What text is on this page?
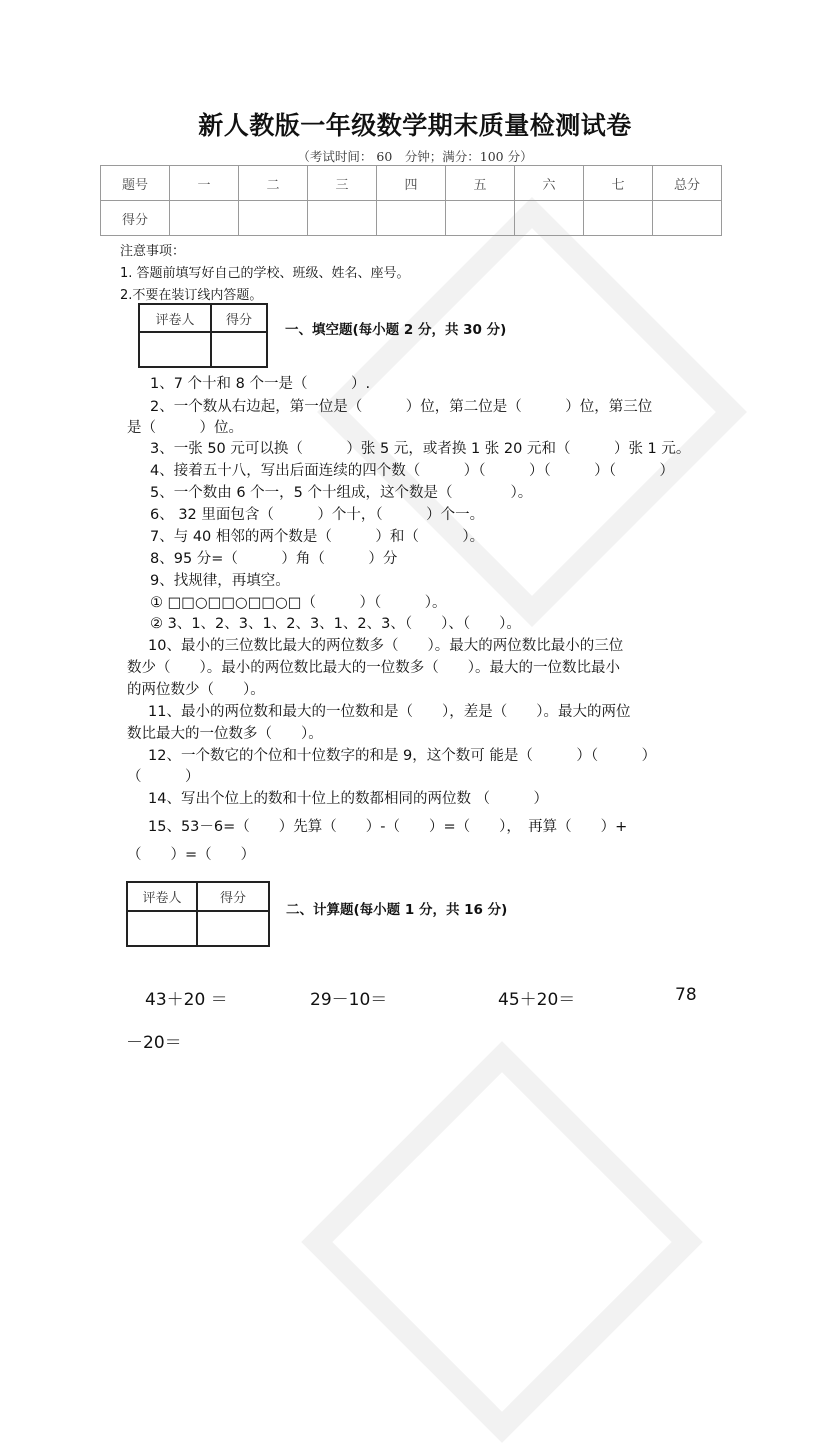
新人教版一年级数学期末质量检测试卷
（考试时间： 60　分钟；满分：100 分）
题号	一	二	三	四	五	六	七	总分
得分								
注意事项：
1. 答题前填写好自己的学校、班级、姓名、座号。
2.不要在装订线内答题。
评卷人	得分

一、填空题(每小题 2 分，共 30 分)
1、7 个十和 8 个一是（　　　）.
2、一个数从右边起，第一位是（　　　）位，第二位是（　　　）位，第三位
是（　　　）位。
3、一张 50 元可以换（　　　）张 5 元，或者换 1 张 20 元和（　　　）张 1 元。
4、接着五十八，写出后面连续的四个数（　　　）（　　　）（　　　）（　　　）
5、一个数由 6 个一，5 个十组成，这个数是（　　　　）。
6、 32 里面包含（　　　）个十，（　　　）个一。
7、与 40 相邻的两个数是（　　　）和（　　　）。
8、95 分=（　　　）角（　　　）分
9、找规律，再填空。
① □□○□□○□□○□（　　　）（　　　）。
② 3、1、2、3、1、2、3、1、2、3、（　　）、（　　）。
10、最小的三位数比最大的两位数多（　　）。最大的两位数比最小的三位
数少（　　）。最小的两位数比最大的一位数多（　　）。最大的一位数比最小
的两位数少（　　）。
11、最小的两位数和最大的一位数和是（　　），差是（　　）。最大的两位
数比最大的一位数多（　　）。
12、一个数它的个位和十位数字的和是 9，这个数可 能是（　　　）（　　　）
（　　　）
14、写出个位上的数和十位上的数都相同的两位数 （　　　）
15、53－6=（　　）先算（　　）-（　　）=（　　），　再算（　　）+
（　　）=（　　）
评卷人	得分

二、计算题(每小题 1 分，共 16 分)
43＋20 ＝	29－10＝	45＋20＝	78
－20＝
